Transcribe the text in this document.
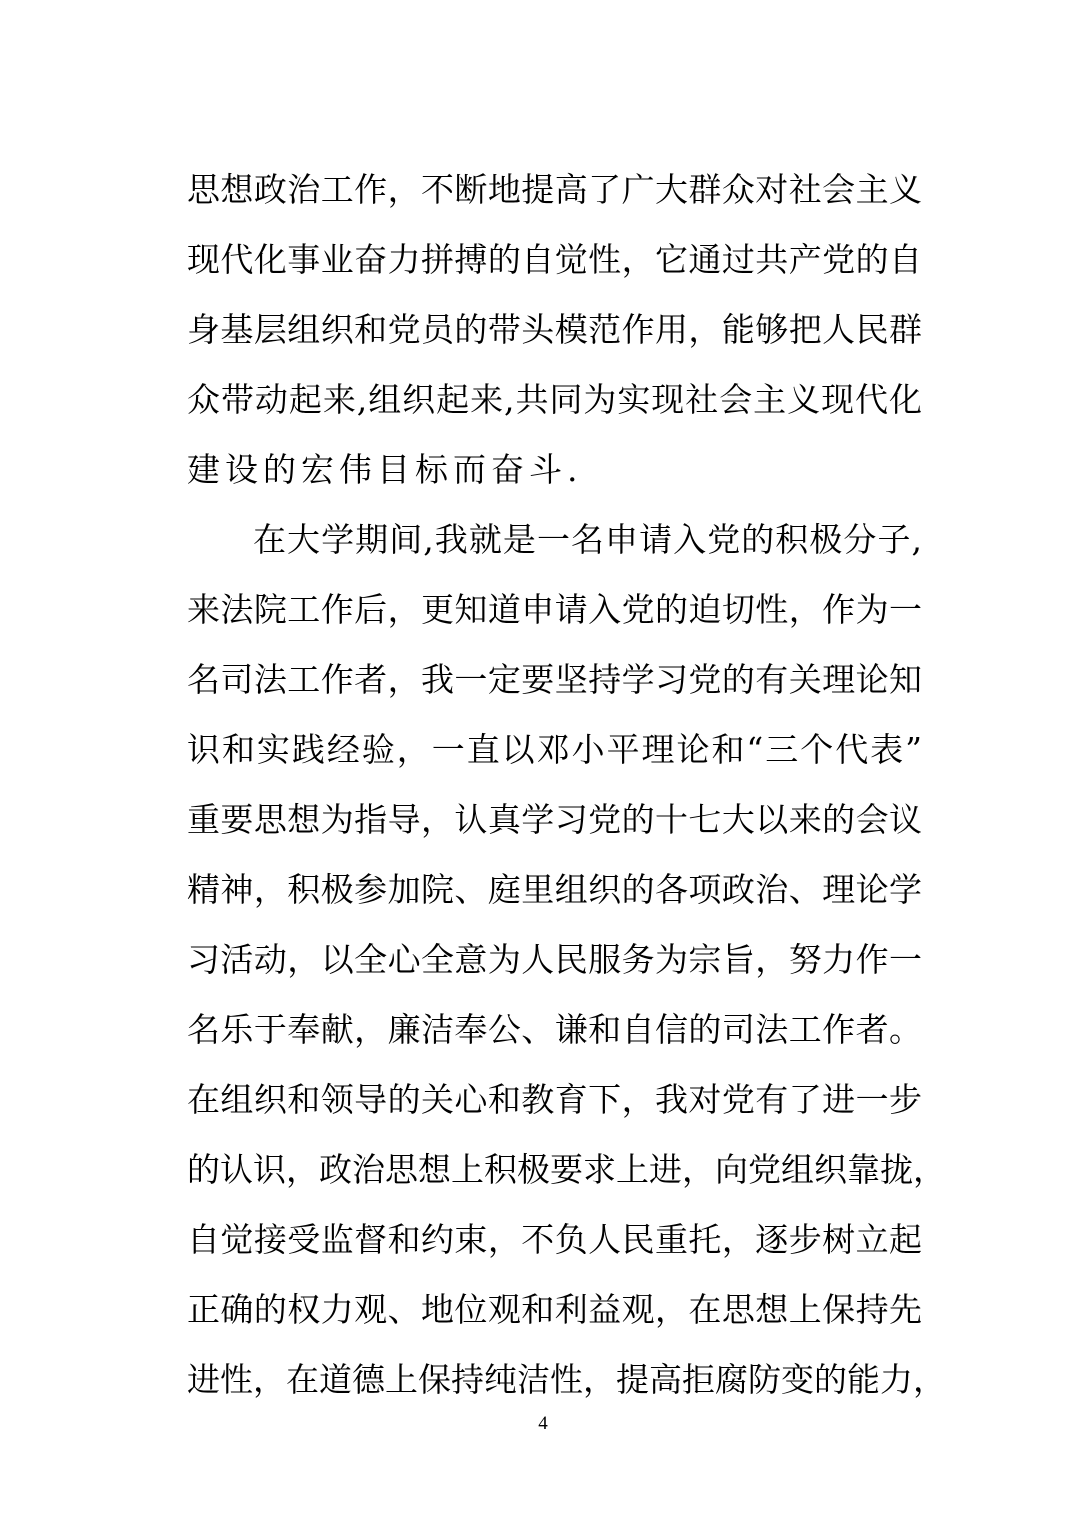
思想政治工作，不断地提高了广大群众对社会主义
现代化事业奋力拼搏的自觉性，它通过共产党的自
身基层组织和党员的带头模范作用，能够把人民群
众带动起来,组织起来,共同为实现社会主义现代化
建设的宏伟目标而奋斗.
在大学期间,我就是一名申请入党的积极分子,
来法院工作后，更知道申请入党的迫切性，作为一
名司法工作者，我一定要坚持学习党的有关理论知
识和实践经验，一直以邓小平理论和“三个代表”
重要思想为指导，认真学习党的十七大以来的会议
精神，积极参加院、庭里组织的各项政治、理论学
习活动，以全心全意为人民服务为宗旨，努力作一
名乐于奉献，廉洁奉公、谦和自信的司法工作者。
在组织和领导的关心和教育下，我对党有了进一步
的认识，政治思想上积极要求上进，向党组织靠拢，
自觉接受监督和约束，不负人民重托，逐步树立起
正确的权力观、地位观和利益观，在思想上保持先
进性，在道德上保持纯洁性，提高拒腐防变的能力，
4
